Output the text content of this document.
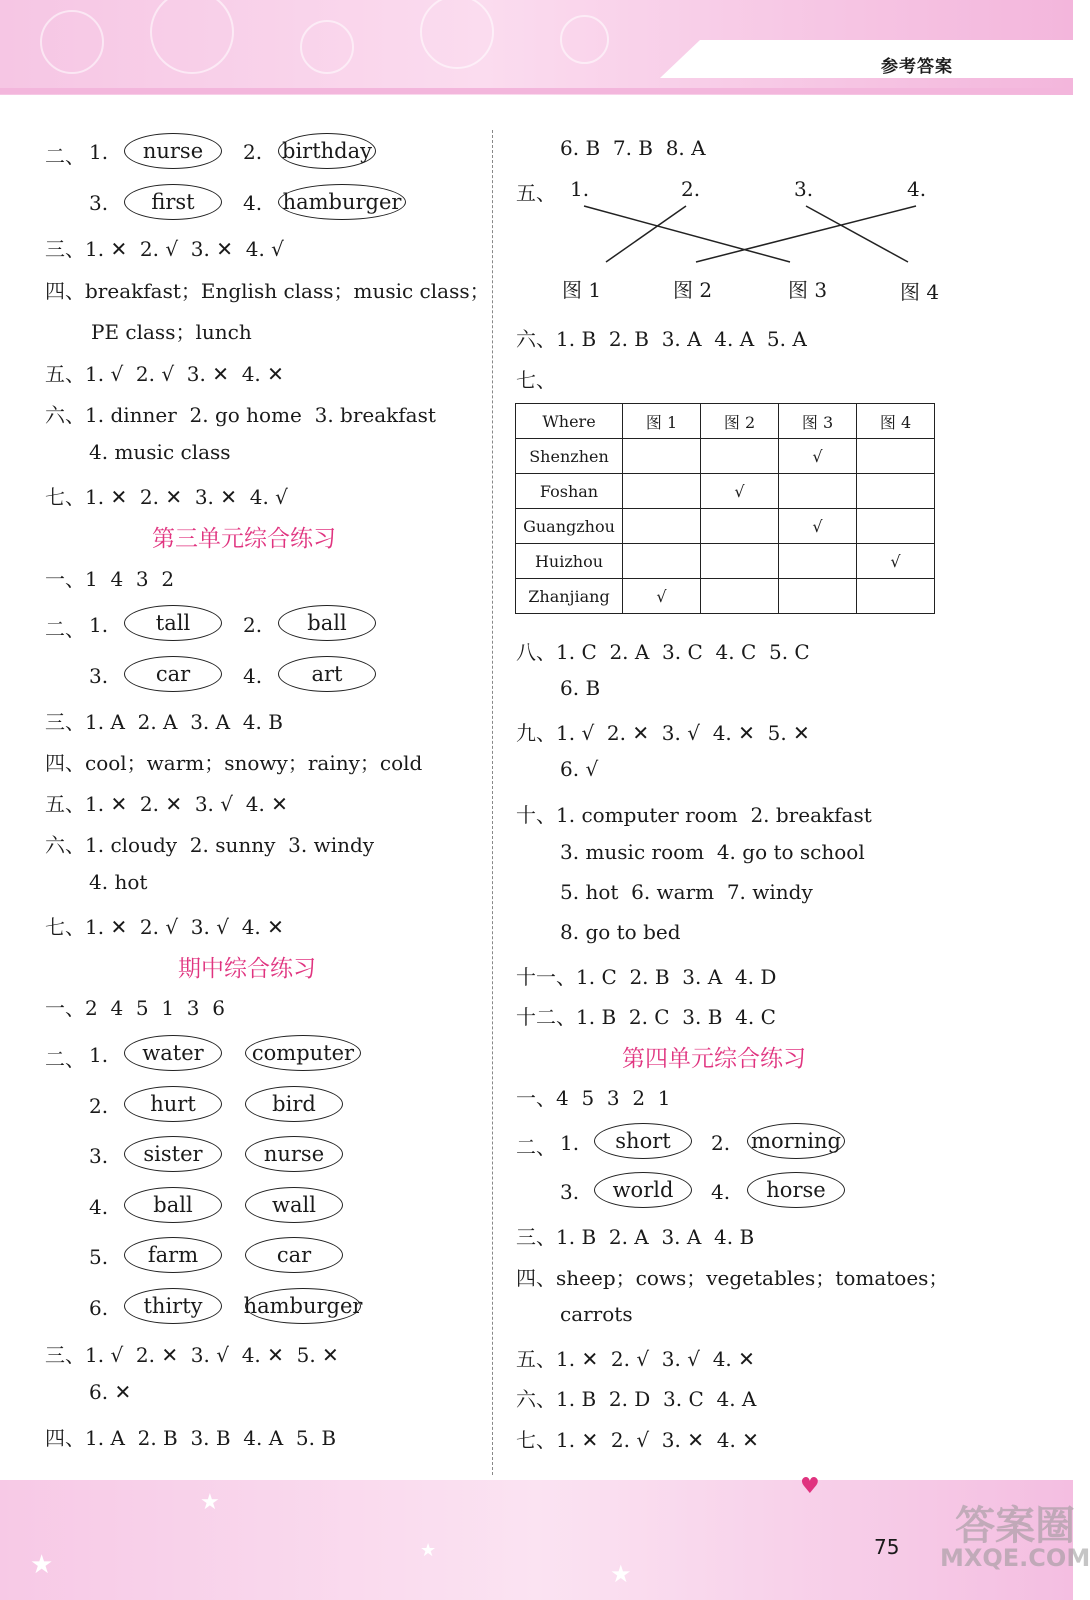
参考答案
二、 1.	nurse	2. birthday
3.	first	4. hamburger
三、1. ✕  2. √  3. ✕  4. √
四、breakfast；English class；music class；
PE class；lunch
五、1. √  2. √  3. ✕  4. ✕
六、1. dinner  2. go home  3. breakfast
4. music class
七、1. ✕  2. ✕  3. ✕  4. √
第三单元综合练习
一、1  4  3  2
二、 1.	tall	2.	ball
3.	car	4.	art
三、1. A  2. A  3. A  4. B
四、cool；warm；snowy；rainy；cold
五、1. ✕  2. ✕  3. √  4. ✕
六、1. cloudy  2. sunny  3. windy
4. hot
七、1. ✕  2. √  3. √  4. ✕
期中综合练习
一、2  4  5  1  3  6
二、 1.	water	computer
2.	hurt	bird
3.	sister	nurse
4.	ball	wall
5.	farm	car
6.	thirty	hamburger
三、1. √  2. ✕  3. √  4. ✕  5. ✕
6. ✕
四、1. A  2. B  3. B  4. A  5. B
6. B  7. B  8. A
五、 1.	2.	3.	4.
图 1	图 2	图 3	图 4
六、1. B  2. B  3. A  4. A  5. A
七、
Where	图 1	图 2	图 3	图 4
Shenzhen			√	
Foshan		√		
Guangzhou			√	
Huizhou				√
Zhanjiang	√			
八、1. C  2. A  3. C  4. C  5. C
6. B
九、1. √  2. ✕  3. √  4. ✕  5. ✕
6. √
十、1. computer room  2. breakfast
3. music room  4. go to school
5. hot  6. warm  7. windy
8. go to bed
十一、1. C  2. B  3. A  4. D
十二、1. B  2. C  3. B  4. C
第四单元综合练习
一、4  5  3  2  1
二、 1.	short	2. morning
3.	world	4.	horse
三、1. B  2. A  3. A  4. B
四、sheep；cows；vegetables；tomatoes；
carrots
五、1. ✕  2. √  3. √  4. ✕
六、1. B  2. D  3. C  4. A
七、1. ✕  2. √  3. ✕  4. ✕
★
★
★
★
♥
75	答案圈
MXQE.COM
